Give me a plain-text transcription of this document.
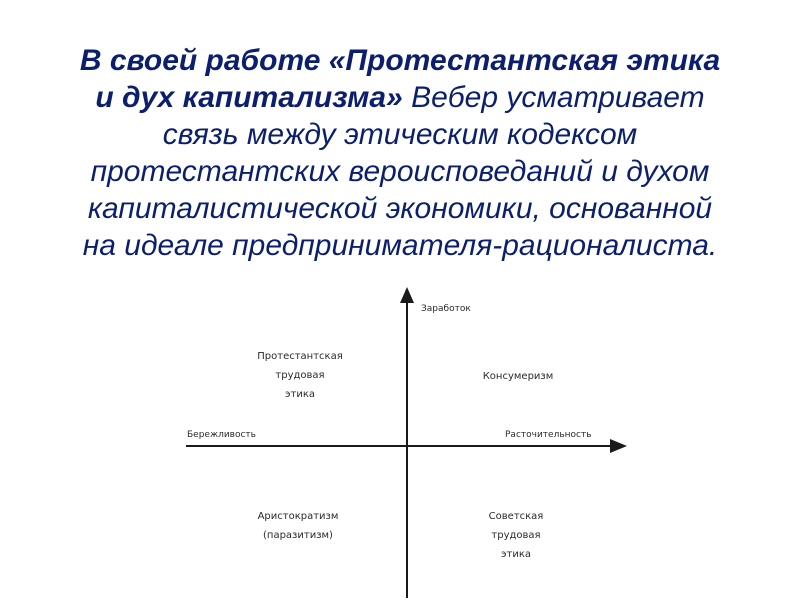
В своей работе «Протестантская этика
и дух капитализма» Вебер усматривает
связь между этическим кодексом
протестантских вероисповеданий и духом
капиталистической экономики, основанной
на идеале предпринимателя-рационалиста.
Заработок
Бережливость	Расточительность
Протестантская
трудовая
этика
Консумеризм
Аристократизм
(паразитизм)
Советская
трудовая
этика
